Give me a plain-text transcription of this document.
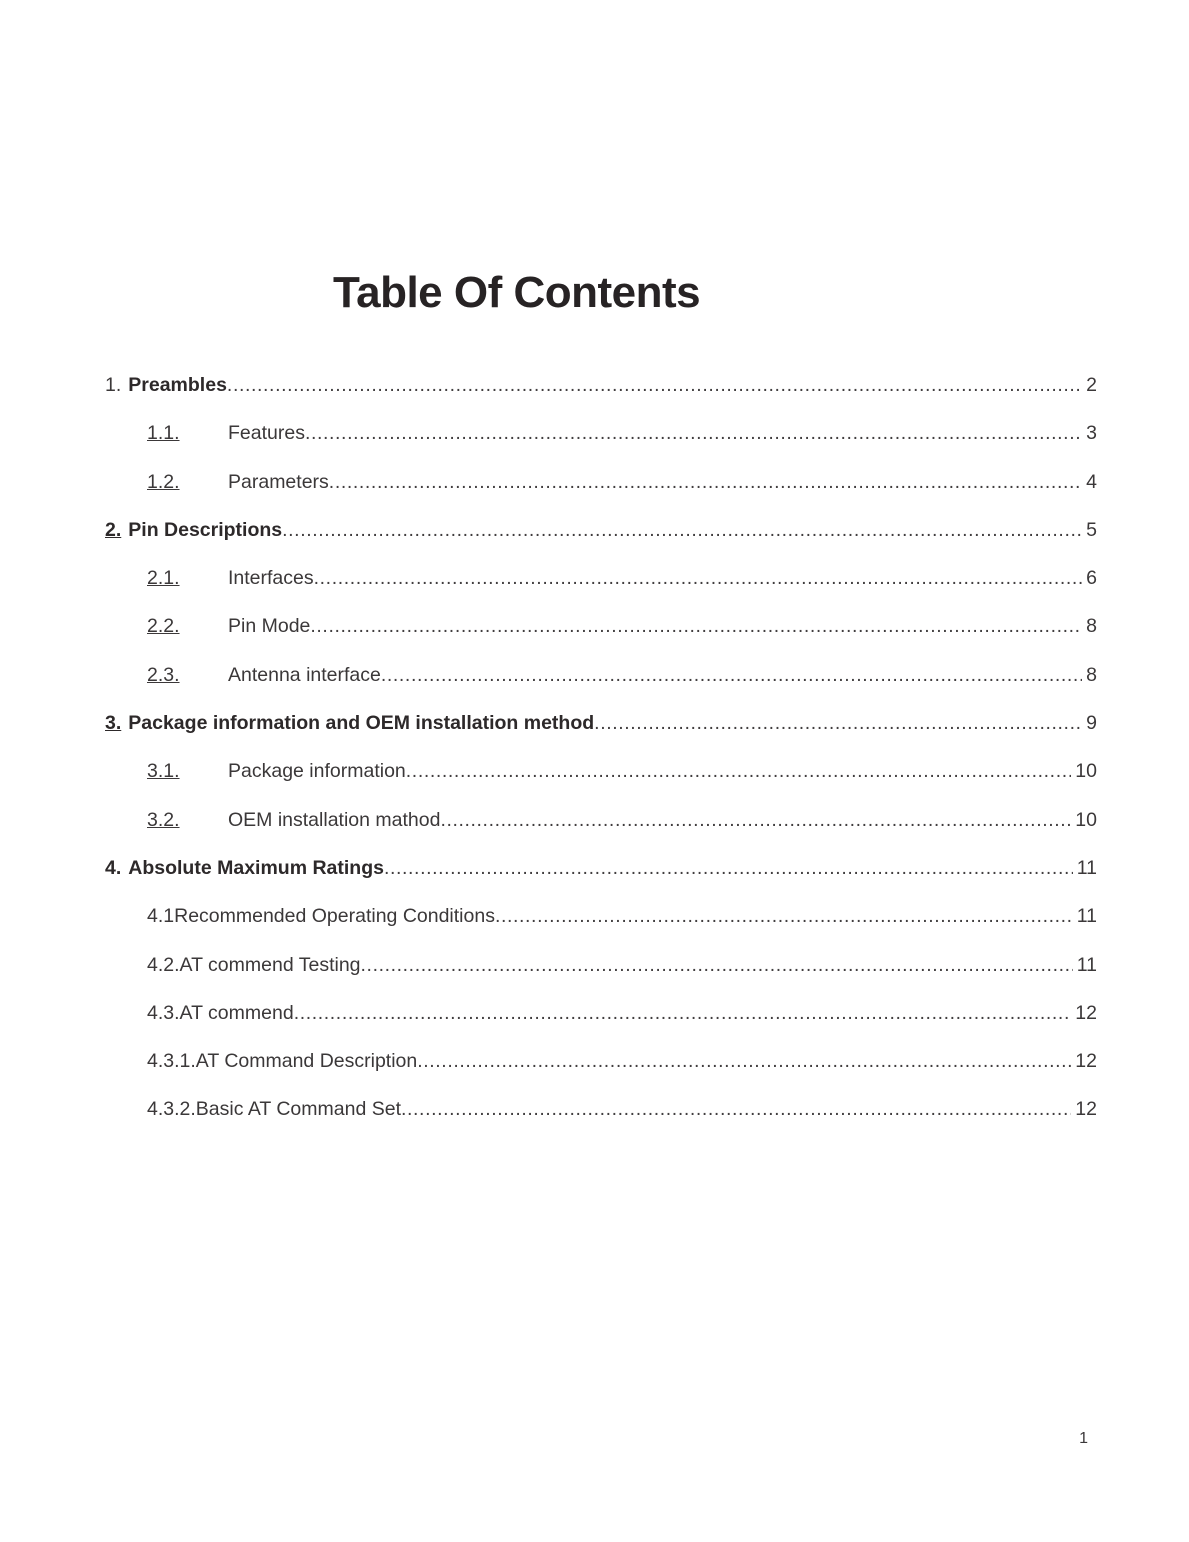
Table Of Contents
1. Preambles .....	2
1.1.	Features .....	3
1.2.	Parameters .....	4
2. Pin Descriptions .....	5
2.1.	Interfaces .....	6
2.2.	Pin Mode .....	8
2.3.	Antenna interface .....	8
3. Package information and OEM installation method .....	9
3.1.	Package information .....	10
3.2.	OEM installation mathod .....	10
4. Absolute Maximum Ratings .....	11
4.1Recommended Operating Conditions .....	11
4.2.AT commend Testing .....	11
4.3.AT commend .....	12
4.3.1.AT Command Description .....	12
4.3.2.Basic AT Command Set .....	12
1
